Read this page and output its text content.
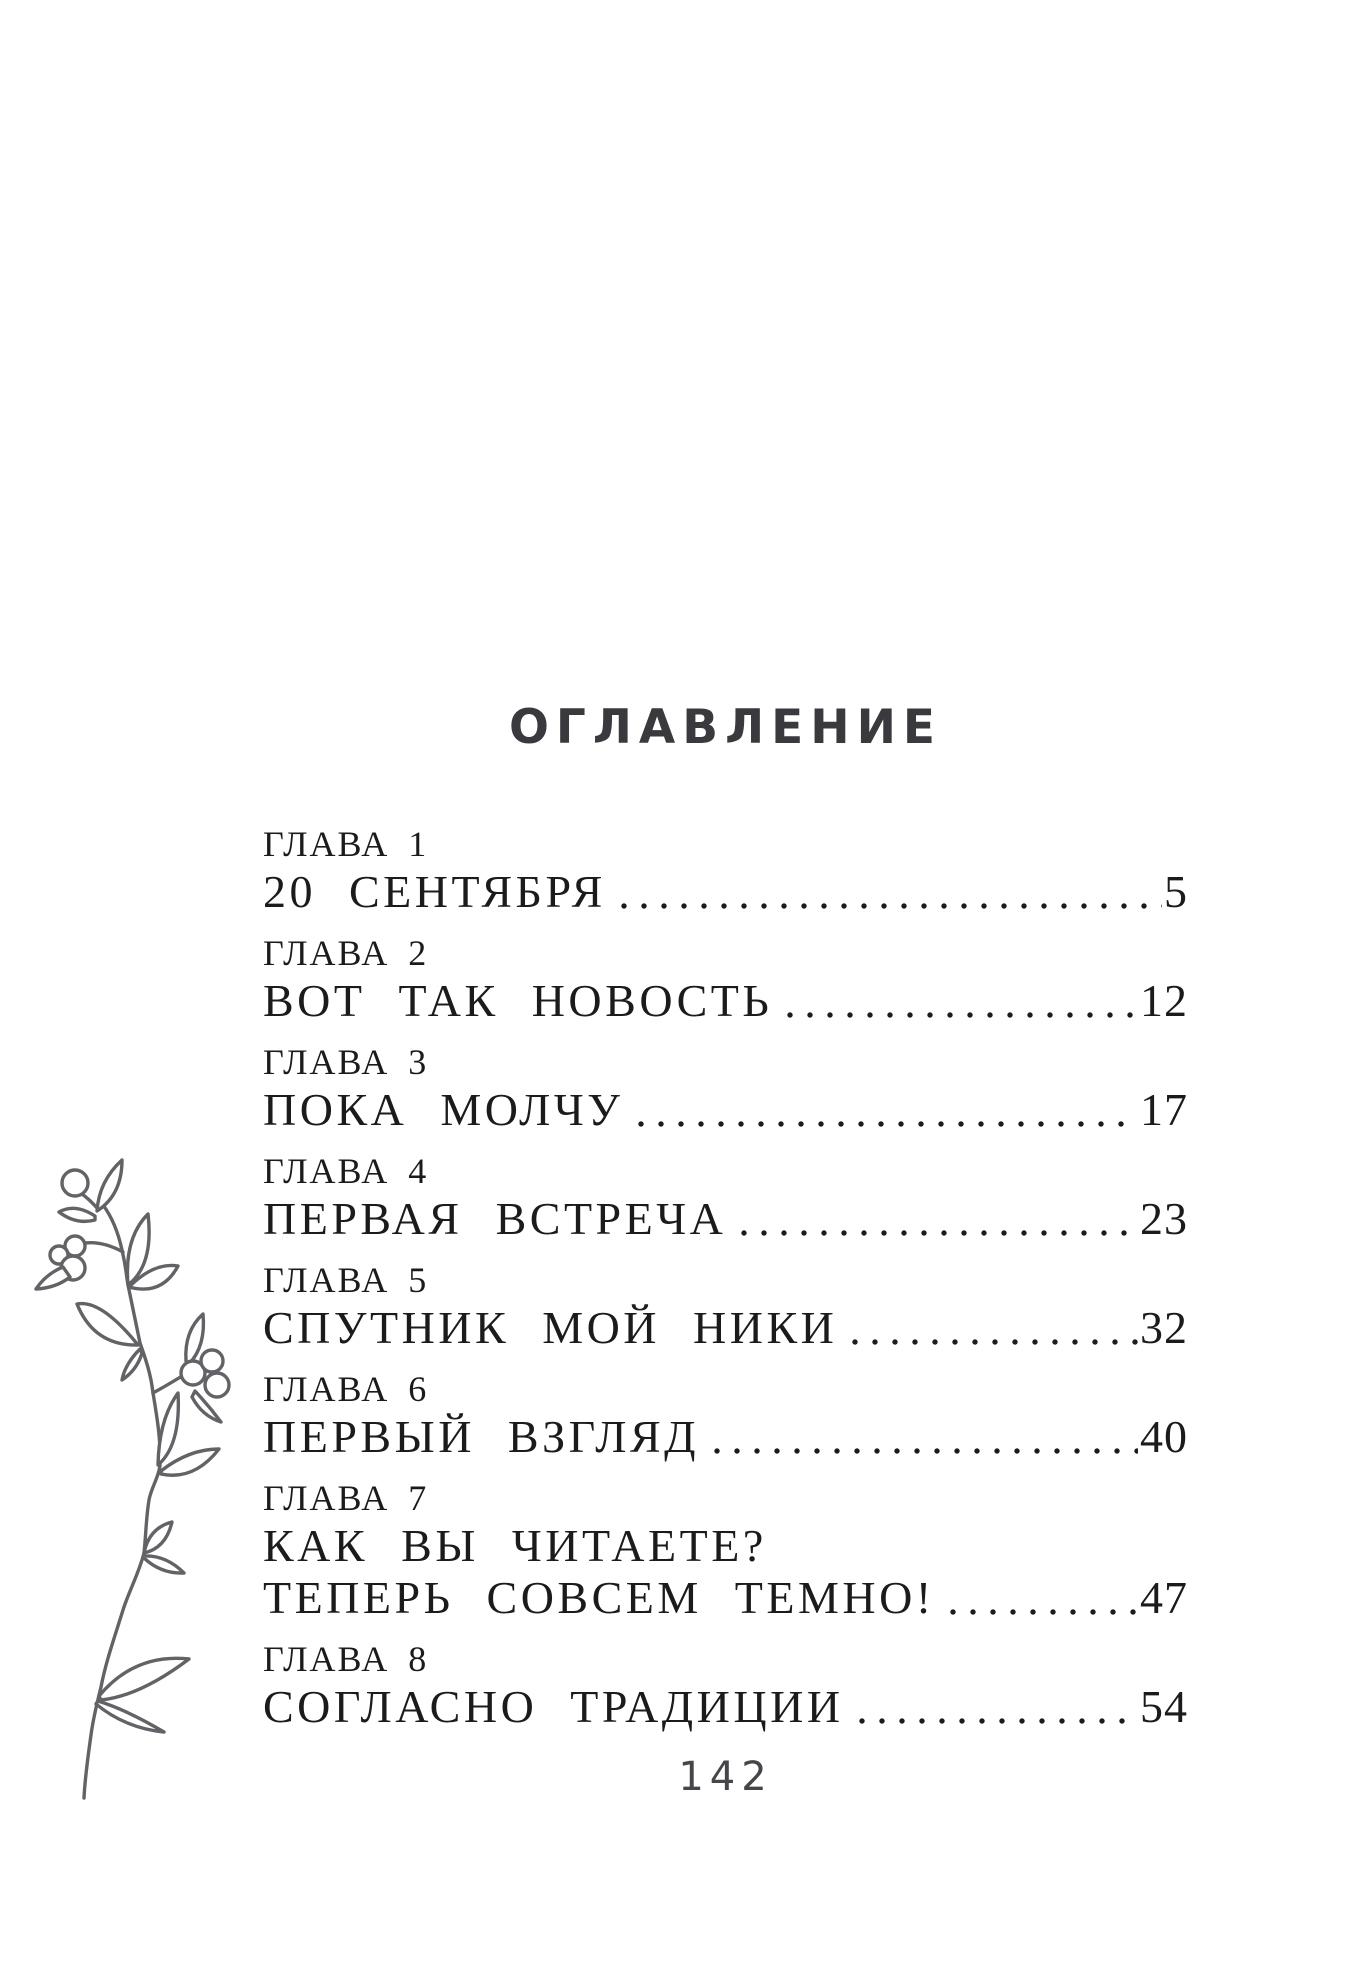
ОГЛАВЛЕНИЕ
ГЛАВА 1
20 СЕНТЯБРЯ	5
ГЛАВА 2
ВОТ ТАК НОВОСТЬ	12
ГЛАВА 3
ПОКА МОЛЧУ	17
ГЛАВА 4
ПЕРВАЯ ВСТРЕЧА	23
ГЛАВА 5
СПУТНИК МОЙ НИКИ	32
ГЛАВА 6
ПЕРВЫЙ ВЗГЛЯД	40
ГЛАВА 7
КАК ВЫ ЧИТАЕТЕ?
ТЕПЕРЬ СОВСЕМ ТЕМНО!	47
ГЛАВА 8
СОГЛАСНО ТРАДИЦИИ	54
142
